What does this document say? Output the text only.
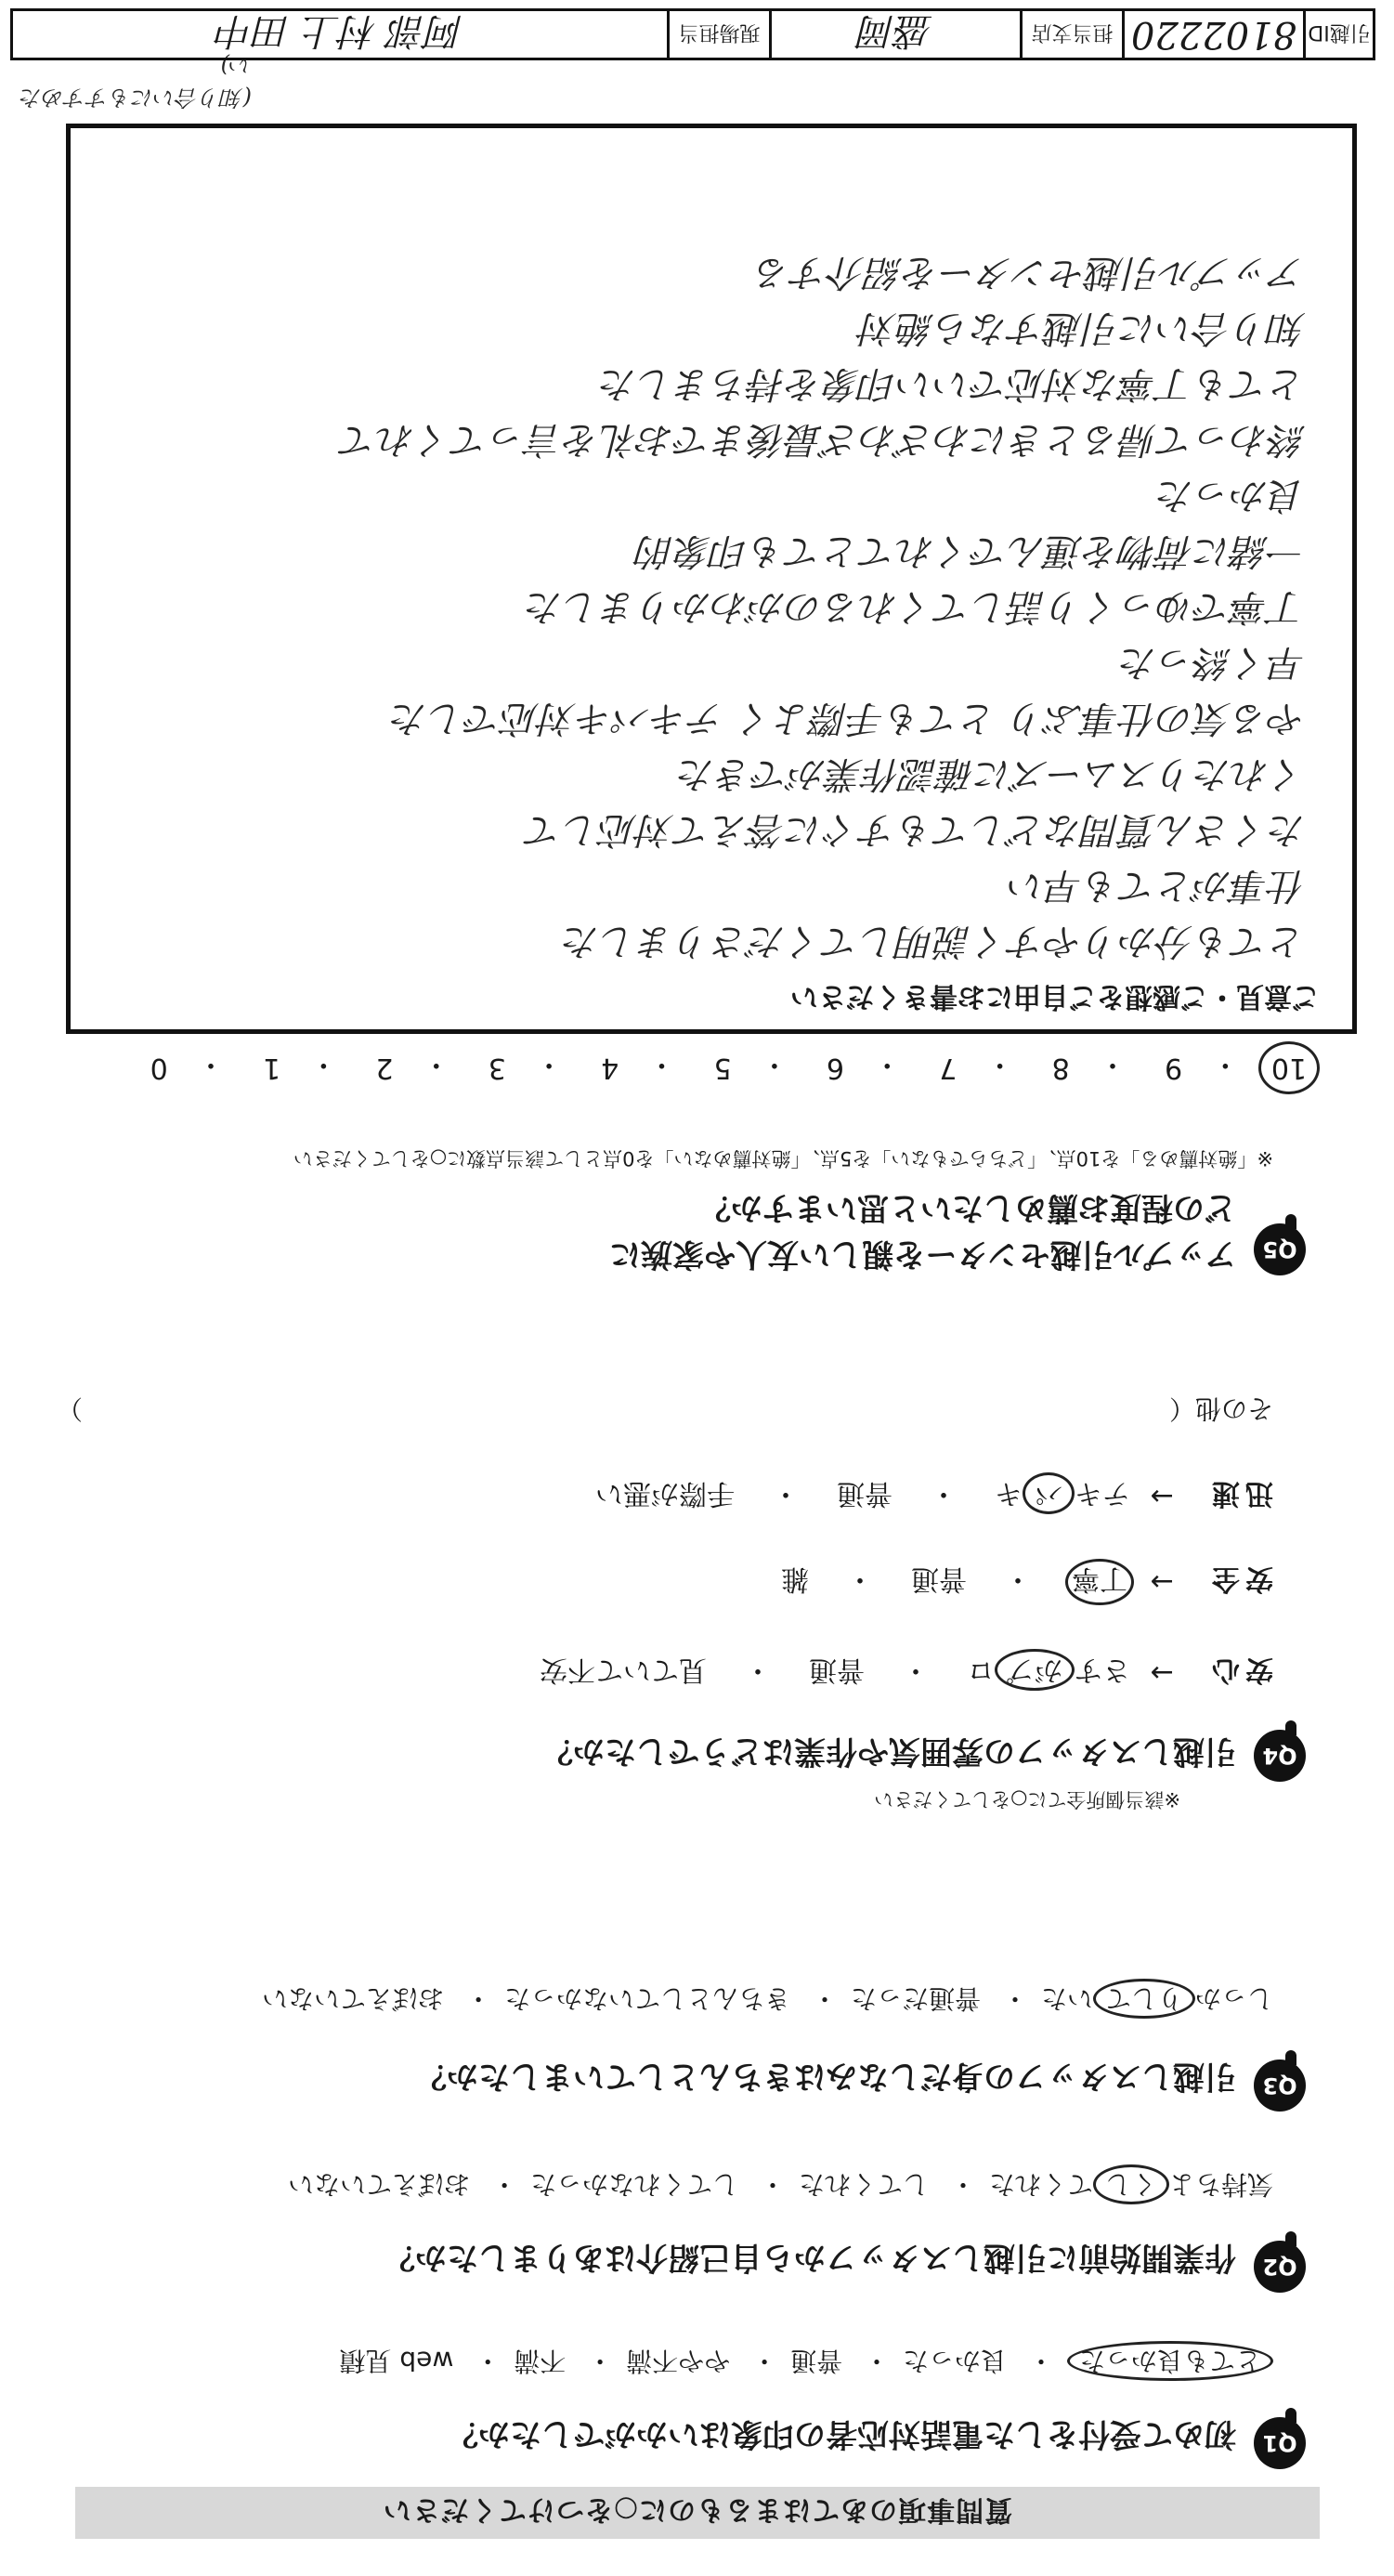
質問事項のあてはまるものに○をつけてください
Q1
初めて受付をした電話対応者の印象はいかがでしたか？
とても良かった・ 良かった・ 普通・ やや不満・ 不満・ web 見積
Q2
作業開始前に引越しスタッフから自己紹介はありましたか？
気持ちよくしてくれた・ してくれた・ してくれなかった・ おぼえていない
Q3
引越しスタッフの身だしなみはきちんとしていましたか？
しっかりしていた・ 普通だった・ きちんとしていなかった・ おぼえていない
Q4
引越しスタッフの雰囲気や作業はどうでしたか？
※該当個所全てに○をしてください
安心
→
さすがプロ
・
普通
・
見ていて不安
安全
→
丁寧
・
普通
・
雑
迅速
→
テキパキ
・
普通
・
手際が悪い
その他（
）
Q5
アップル引越センターを親しい友人や家族に
どの程度お薦めしたいと思いますか？
※「絶対薦める」を10点、「どちらでもない」を5点、「絶対薦めない」を0点として該当点数に○をしてください
10
・
9
・
8
・
7
・
6
・
5
・
4
・
3
・
2
・
1
・
0
ご意見・ご感想をご自由にお書きください
とても分かりやすく説明してくださりました
仕事がとても早い
たくさん質問などしてもすぐに答えて対応して
くれたりスムーズに確認作業ができた
やる気の仕事ぶり とても手際よく テキパキ対応でした
早く終った
丁寧でゆっくり話してくれるのがわかりました
一緒に荷物を運んでくれてとても印象的
良かった
終わって帰るときにわざわざ最後までお礼を言ってくれて
とても丁寧な対応でいい印象を持ちました
知り合いに引越すなら絶対
アップル引越センターを紹介する
(知り合いにもすすめたい)
引越ID
8102220
担当支店
盛岡
現場担当
阿部 村上 田中
